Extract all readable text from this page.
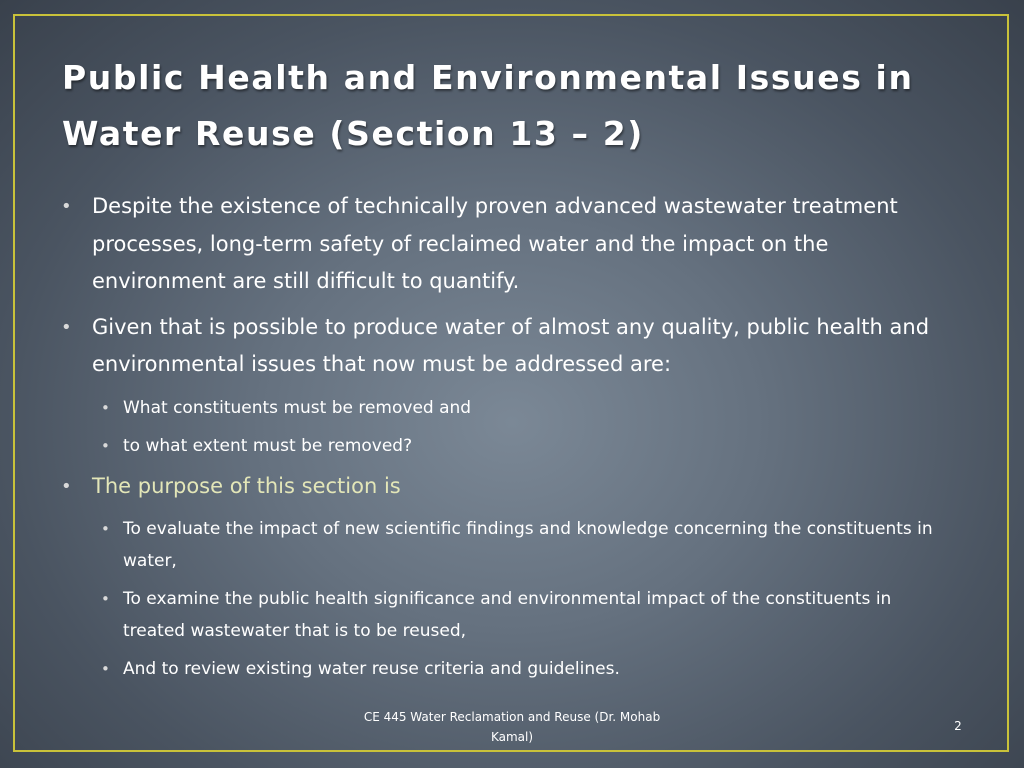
Public Health and Environmental Issues in
Water Reuse (Section 13 – 2)
• Despite the existence of technically proven advanced wastewater treatment processes, long-term safety of reclaimed water and the impact on the environment are still difficult to quantify.
• Given that is possible to produce water of almost any quality, public health and environmental issues that now must be addressed are:
• What constituents must be removed and
• to what extent must be removed?
• The purpose of this section is
• To evaluate the impact of new scientific findings and knowledge concerning the constituents in water,
• To examine the public health significance and environmental impact of the constituents in treated wastewater that is to be reused,
• And to review existing water reuse criteria and guidelines.
CE 445 Water Reclamation and Reuse (Dr. Mohab
Kamal)
2
